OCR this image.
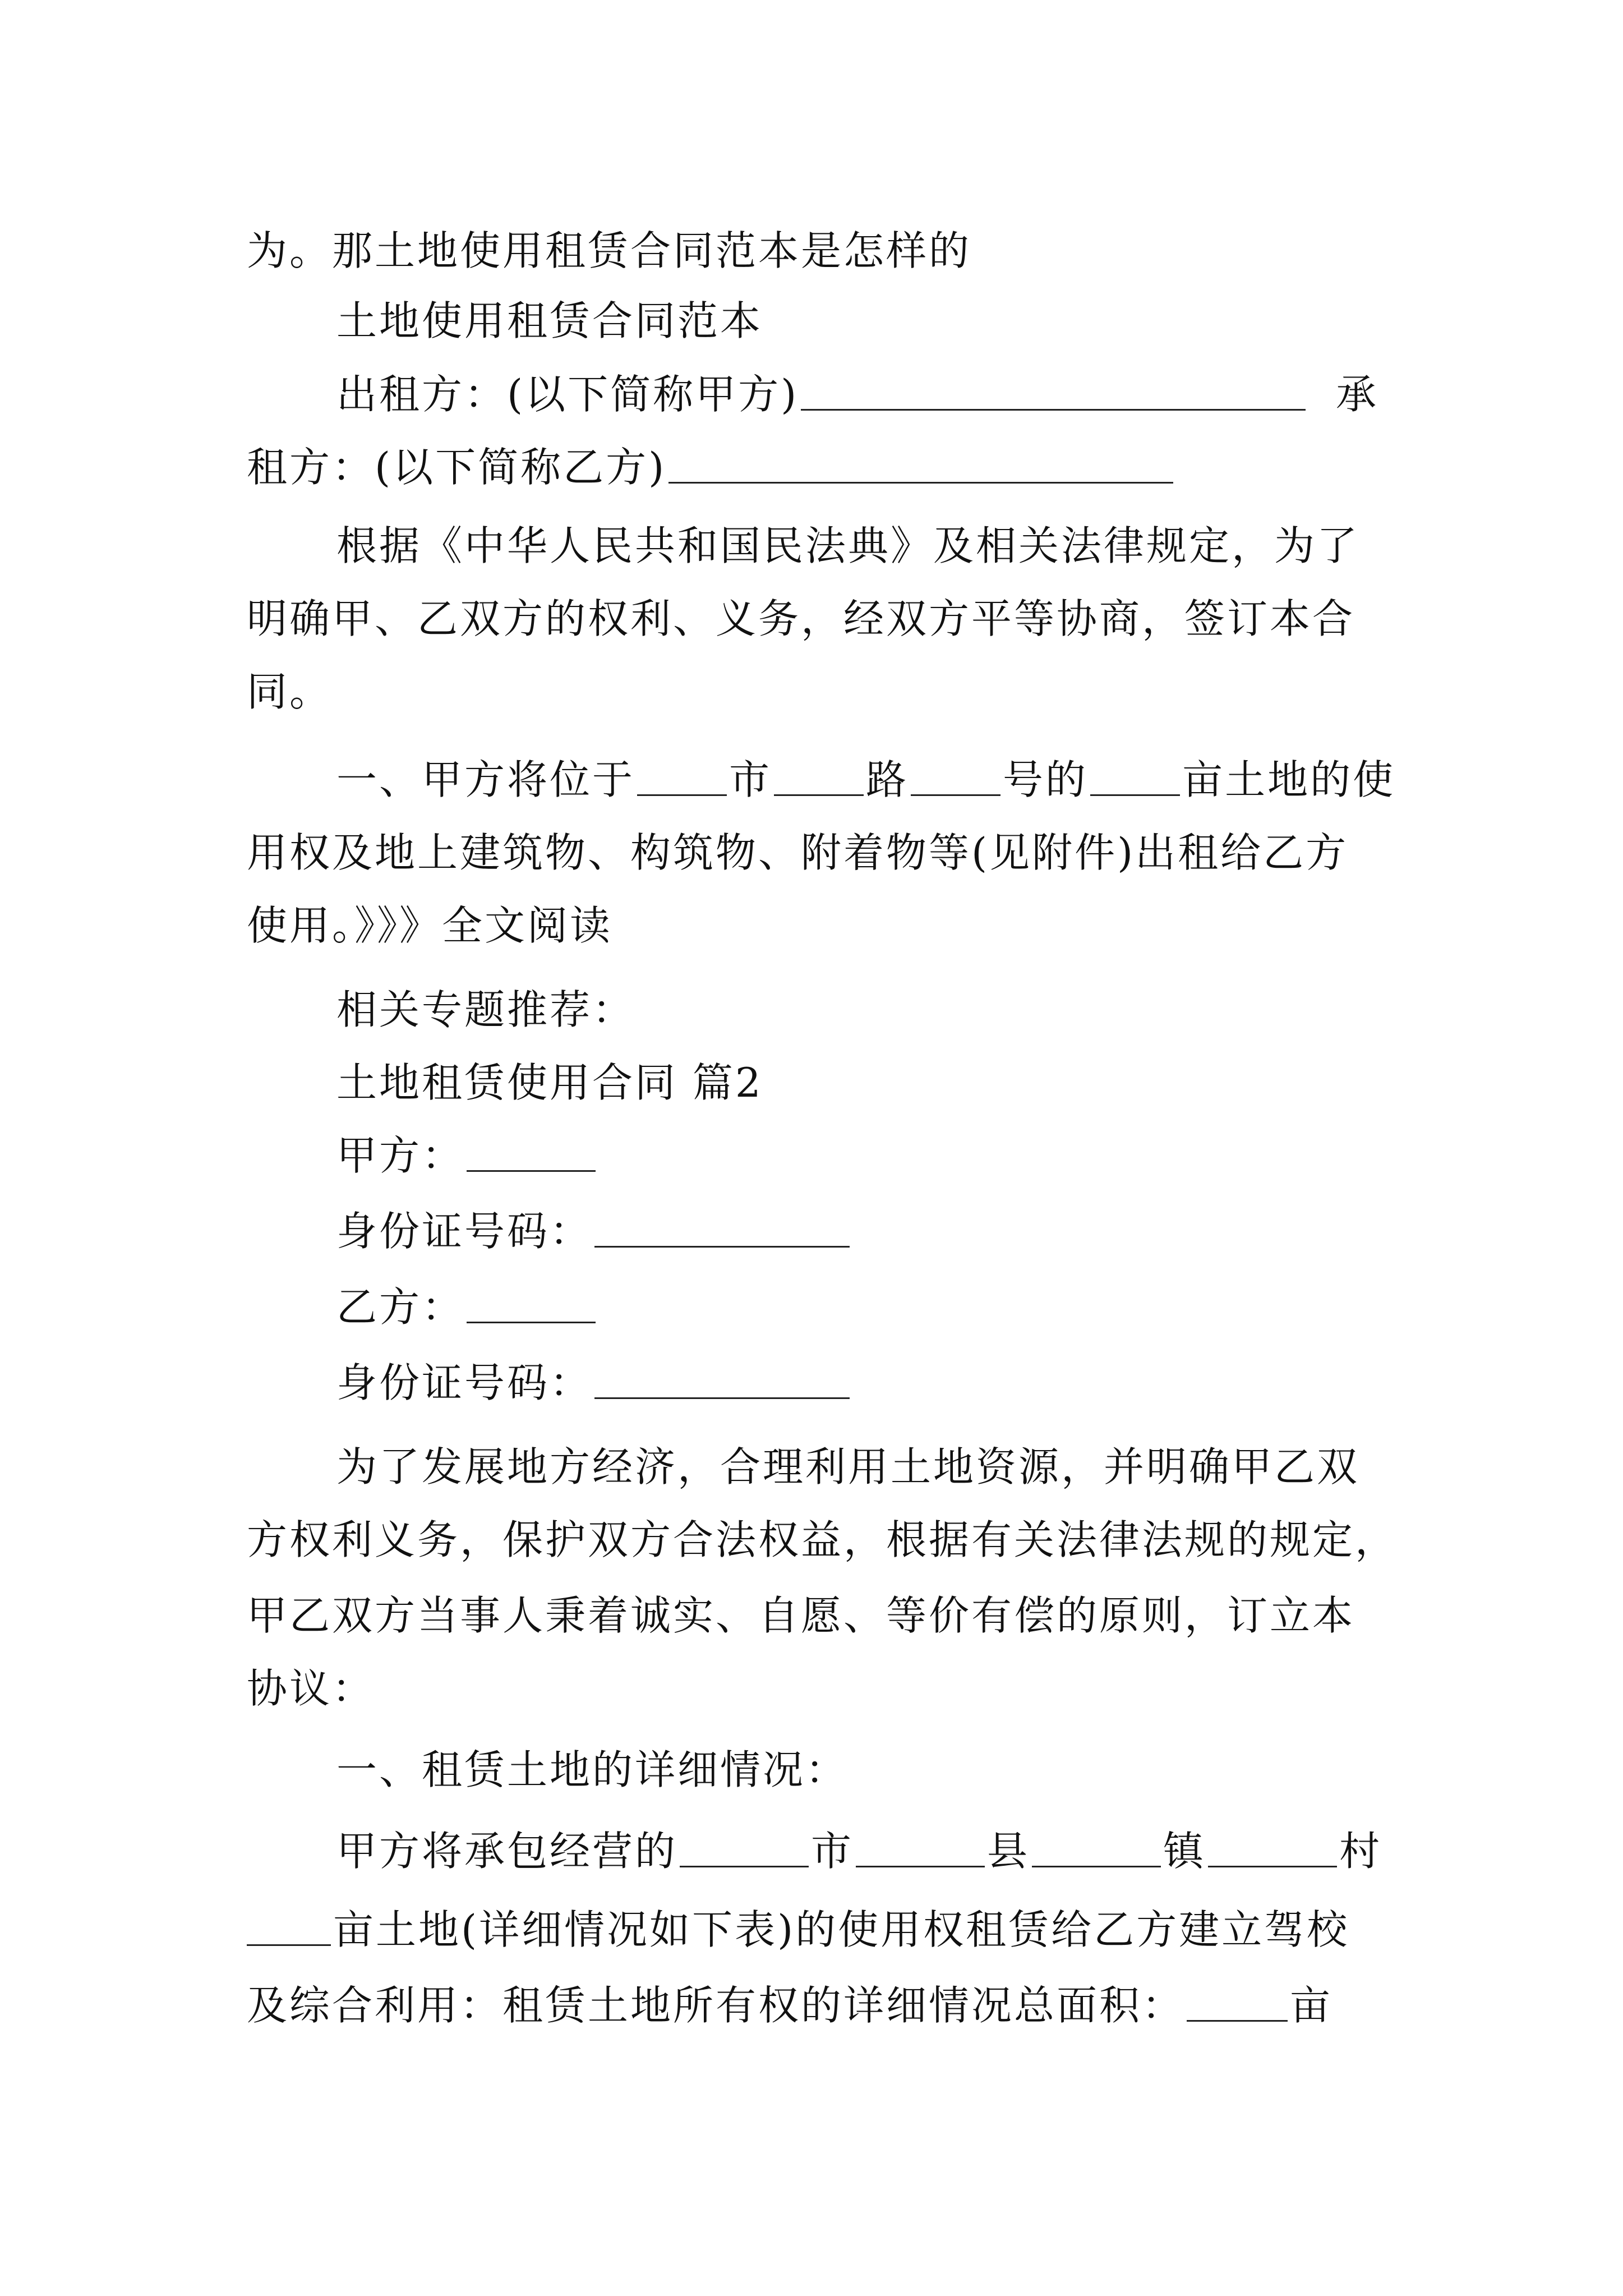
为。那土地使用租赁合同范本是怎样的
土地使用租赁合同范本
出租方：(以下简称甲方)	承
租方：(以下简称乙方)
根据《中华人民共和国民法典》及相关法律规定，为了
明确甲、乙双方的权利、义务，经双方平等协商，签订本合
同。
一、甲方将位于 市 路 号的 亩土地的使
用权及地上建筑物、构筑物、附着物等(见附件)出租给乙方
使用。》》》全文阅读
相关专题推荐：
土地租赁使用合同 篇2
甲方：
身份证号码：
乙方：
身份证号码：
为了发展地方经济，合理利用土地资源，并明确甲乙双
方权利义务，保护双方合法权益，根据有关法律法规的规定，
甲乙双方当事人秉着诚实、自愿、等价有偿的原则，订立本
协议：
一、租赁土地的详细情况：
甲方将承包经营的	市	县	镇	村
亩土地(详细情况如下表)的使用权租赁给乙方建立驾校
及综合利用：租赁土地所有权的详细情况总面积：	亩
